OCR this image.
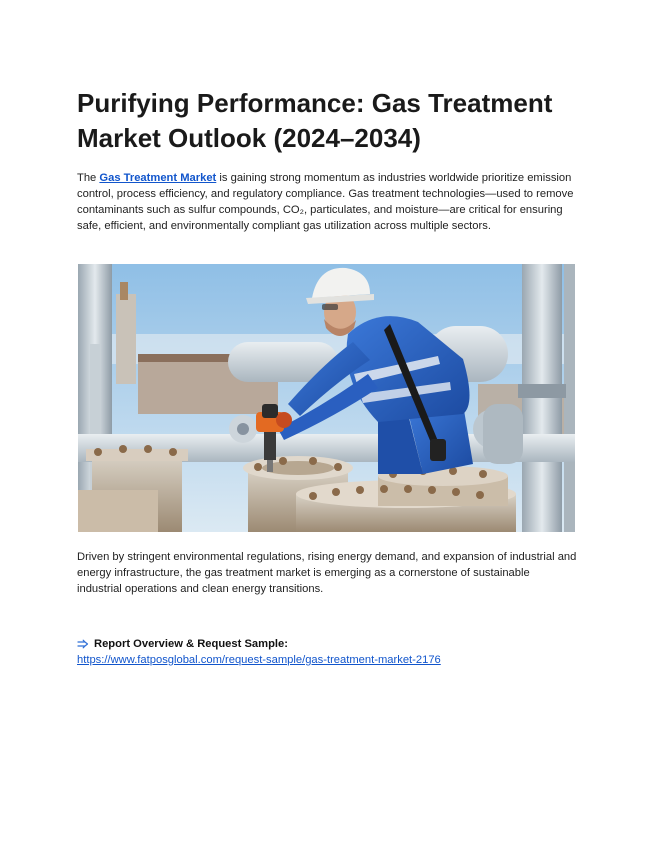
Purifying Performance: Gas Treatment Market Outlook (2024–2034)

The Gas Treatment Market is gaining strong momentum as industries worldwide prioritize emission control, process efficiency, and regulatory compliance. Gas treatment technologies—used to remove contaminants such as sulfur compounds, CO₂, particulates, and moisture—are critical for ensuring safe, efficient, and environmentally compliant gas utilization across multiple sectors.

Driven by stringent environmental regulations, rising energy demand, and expansion of industrial and energy infrastructure, the gas treatment market is emerging as a cornerstone of sustainable industrial operations and clean energy transitions.

Report Overview & Request Sample:
https://www.fatposglobal.com/request-sample/gas-treatment-market-2176
